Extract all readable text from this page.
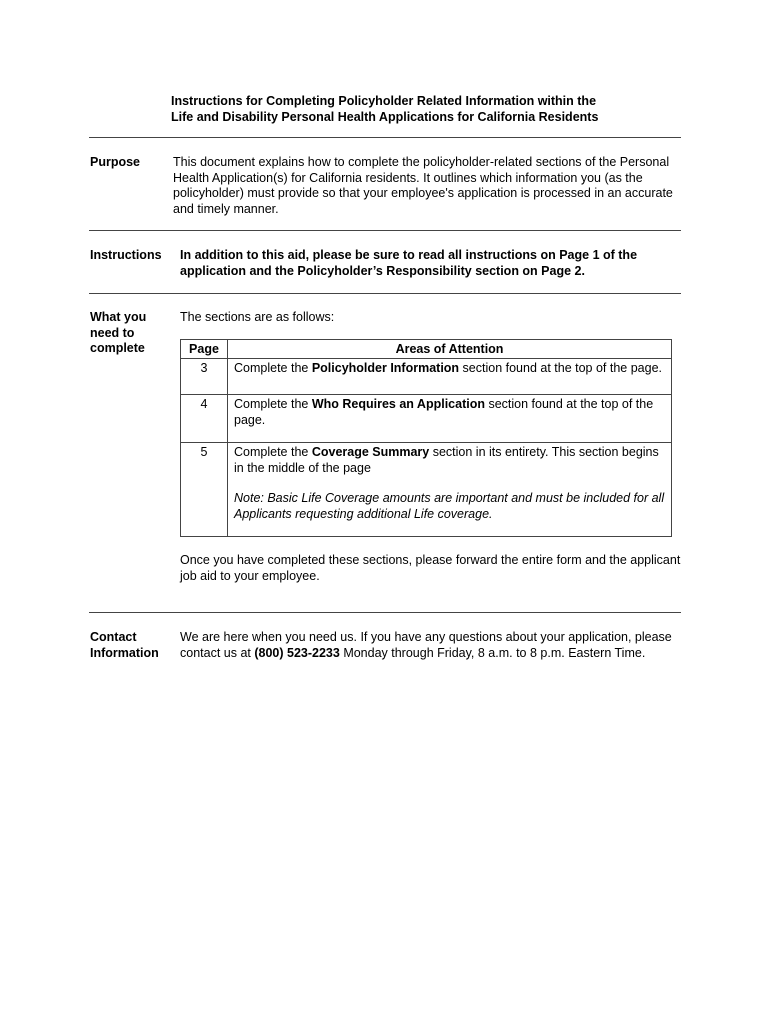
Instructions for Completing Policyholder Related Information within the
Life and Disability Personal Health Applications for California Residents
Purpose	This document explains how to complete the policyholder-related sections of the Personal Health Application(s) for California residents. It outlines which information you (as the policyholder) must provide so that your employee's application is processed in an accurate and timely manner.
Instructions In addition to this aid, please be sure to read all instructions on Page 1 of the application and the Policyholder’s Responsibility section on Page 2.
What you
need to
complete
The sections are as follows:
Page	Areas of Attention
3	Complete the Policyholder Information section found at the top of the page.
4	Complete the Who Requires an Application section found at the top of the page.
5	Complete the Coverage Summary section in its entirety. This section begins in the middle of the page

Note: Basic Life Coverage amounts are important and must be included for all Applicants requesting additional Life coverage.

Once you have completed these sections, please forward the entire form and the applicant job aid to your employee.
Contact
Information
We are here when you need us. If you have any questions about your application, please contact us at (800) 523-2233 Monday through Friday, 8 a.m. to 8 p.m. Eastern Time.
